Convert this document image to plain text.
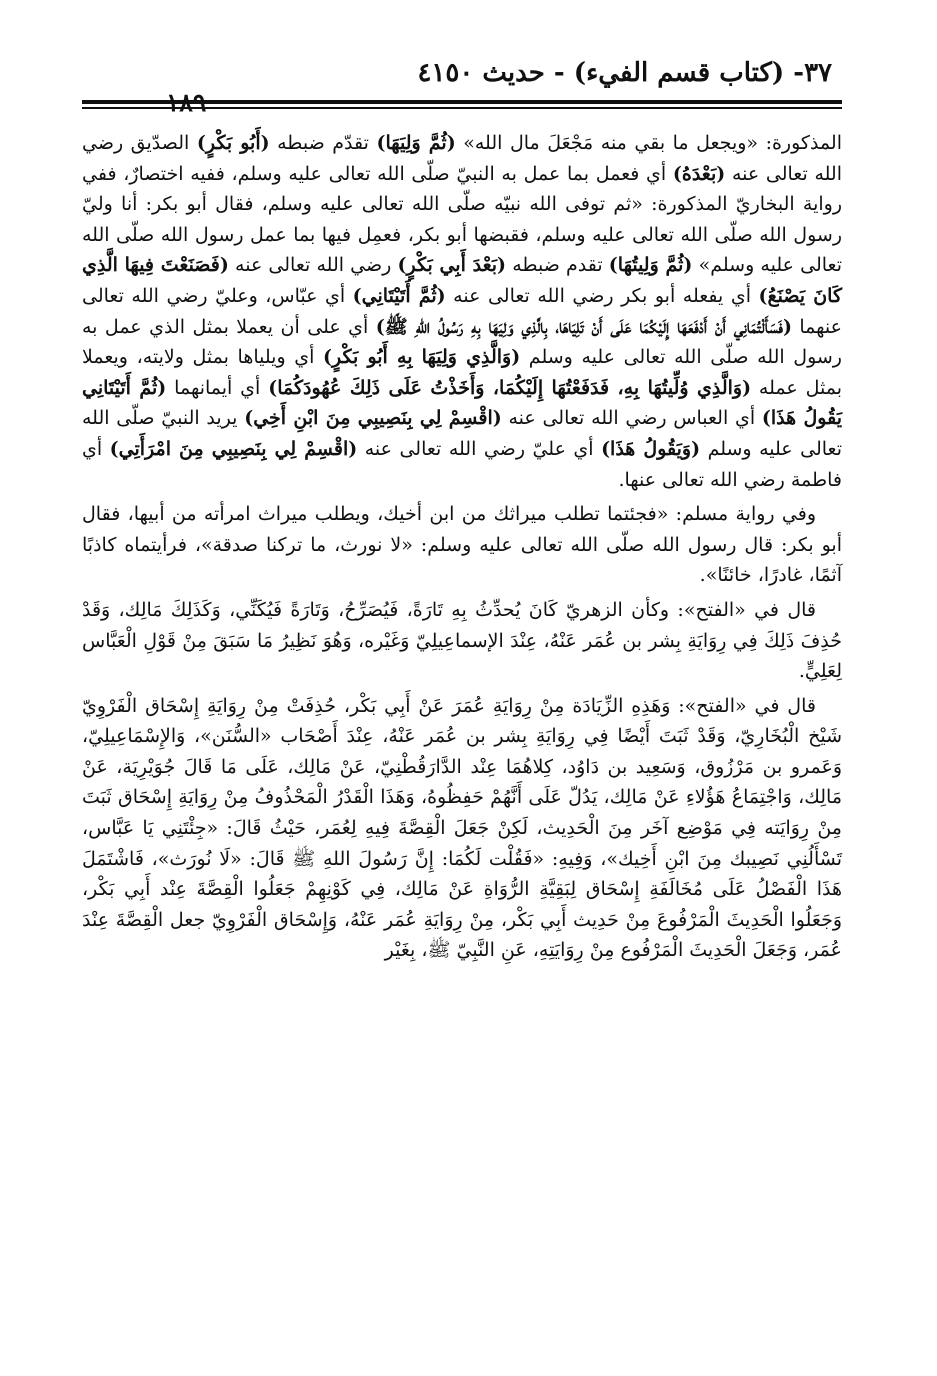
٣٧- (كتاب قسم الفيء) - حديث ٤١٥٠

المذكورة: «ويجعل ما بقي منه مَجْعَلَ مال الله» (ثُمَّ وَلِيَهَا) تقدّم ضبطه (أَبُو بَكْرٍ) الصدّيق رضي الله تعالى عنه (بَعْدَهُ) أي فعمل بما عمل به النبيّ صلّى الله تعالى عليه وسلم، ففيه اختصارٌ، ففي رواية البخاريّ المذكورة: «ثم توفى الله نبيّه صلّى الله تعالى عليه وسلم، فقال أبو بكر: أنا وليّ رسول الله صلّى الله تعالى عليه وسلم، فقبضها أبو بكر، فعمِل فيها بما عمل رسول الله صلّى الله تعالى عليه وسلم» (ثُمَّ وَلِيتُهَا) تقدم ضبطه (بَعْدَ أَبِي بَكْرٍ) رضي الله تعالى عنه (فَصَنَعْتَ فِيهَا الَّذِي كَانَ يَصْنَعُ) أي يفعله أبو بكر رضي الله تعالى عنه (ثُمَّ أَتَيْتَانِي) أي عبّاس، وعليّ رضي الله تعالى عنهما (فَسَأَلْتُمَانِي أَنْ أَدْفَعَهَا إِلَيْكُمَا عَلَى أَنْ تَلِيَاهَا، بِالَّذِي وَلِيَهَا بِهِ رَسُولُ اللهِ ﷺ) أي على أن يعملا بمثل الذي عمل به رسول الله صلّى الله تعالى عليه وسلم (وَالَّذِي وَلِيَهَا بِهِ أَبُو بَكْرٍ) أي ويلياها بمثل ولايته، ويعملا بمثل عمله (وَالَّذِي وُلِّيتُهَا بِهِ، فَدَفَعْتُهَا إِلَيْكُمَا، وَأَخَذْتُ عَلَى ذَلِكَ عُهُودَكُمَا) أي أيمانهما (ثُمَّ أَتَيْتَانِي يَقُولُ هَذَا) أي العباس رضي الله تعالى عنه (اقْسِمْ لِي بِنَصِيبِي مِنَ ابْنِ أَخِي) يريد النبيّ صلّى الله تعالى عليه وسلم (وَيَقُولُ هَذَا) أي عليّ رضي الله تعالى عنه (اقْسِمْ لِي بِنَصِيبِي مِنَ امْرَأَتِي) أي فاطمة رضي الله تعالى عنها.

وفي رواية مسلم: «فجئتما تطلب ميراثك من ابن أخيك، ويطلب ميراث امرأته من أبيها، فقال أبو بكر: قال رسول الله صلّى الله تعالى عليه وسلم: «لا نورث، ما تركنا صدقة»، فرأيتماه كاذبًا آثمًا، غادرًا، خائنًا».

قال في «الفتح»: وكأن الزهريّ كَانَ يُحدِّثُ بِهِ تَارَةً، فَيُصَرِّحُ، وَتَارَةً فَيُكَنِّي، وَكَذَلِكَ مَالِك، وَقَدْ حُذِفَ ذَلِكَ فِي رِوَايَةِ بِشر بن عُمَر عَنْهُ، عِنْدَ الإسماعِيلِيّ وَغَيْره، وَهُوَ نَظِيرُ مَا سَبَقَ مِنْ قَوْلِ الْعَبَّاس لِعَلِيٍّ.

قال في «الفتح»: وَهَذِهِ الزِّيَادَة مِنْ رِوَايَةِ عُمَرَ عَنْ أَبِي بَكْر، حُذِفَتْ مِنْ رِوَايَةِ إِسْحَاق الْفَرْوِيّ شَيْخ الْبُخَارِيّ، وَقَدْ ثَبَتَ أَيْضًا فِي رِوَايَةِ بِشر بن عُمَر عَنْهُ، عِنْدَ أَصْحَاب «السُّنَن»، وَالإِسْمَاعِيلِيّ، وَعَمرو بن مَرْزُوق، وَسَعِيد بن دَاوُد، كِلاهُمَا عِنْد الدَّارَقُطْنِيّ، عَنْ مَالِك، عَلَى مَا قَالَ جُوَيْرِيَة، عَنْ مَالِك، وَاجْتِمَاعُ هَؤُلاءِ عَنْ مَالِك، يَدُلّ عَلَى أَنَّهُمْ حَفِظُوهُ، وَهَذَا الْقَدْرُ الْمَحْذُوفُ مِنْ رِوَايَةِ إِسْحَاق ثَبَتَ مِنْ رِوَايَته فِي مَوْضِع آخَر مِنَ الْحَدِيث، لَكِنْ جَعَلَ الْقِصَّةَ فِيهِ لِعُمَر، حَيْثُ قَالَ: «جِئْتَنِي يَا عَبَّاس، تَسْأَلُنِي نَصِيبك مِنَ ابْنِ أَخِيك»، وَفِيهِ: «فَقُلْت لَكُمَا: إِنَّ رَسُولَ اللهِ ﷺ قَالَ: «لَا نُورَث»، فَاشْتَمَلَ هَذَا الْفَصْلُ عَلَى مُخَالَفَةِ إِسْحَاق لِبَقِيَّةِ الرُّوَاةِ عَنْ مَالِك، فِي كَوْنِهِمْ جَعَلُوا الْقِصَّةَ عِنْد أَبِي بَكْر، وَجَعَلُوا الْحَدِيثَ الْمَرْفُوعَ مِنْ حَدِيث أَبِي بَكْر، مِنْ رِوَايَةِ عُمَر عَنْهُ، وَإِسْحَاق الْفَرْوِيّ جعل الْقِصَّةَ عِنْدَ عُمَر، وَجَعَلَ الْحَدِيثَ الْمَرْفُوع مِنْ رِوَايَتِهِ، عَنِ النَّبِيّ ﷺ، بِغَيْر
